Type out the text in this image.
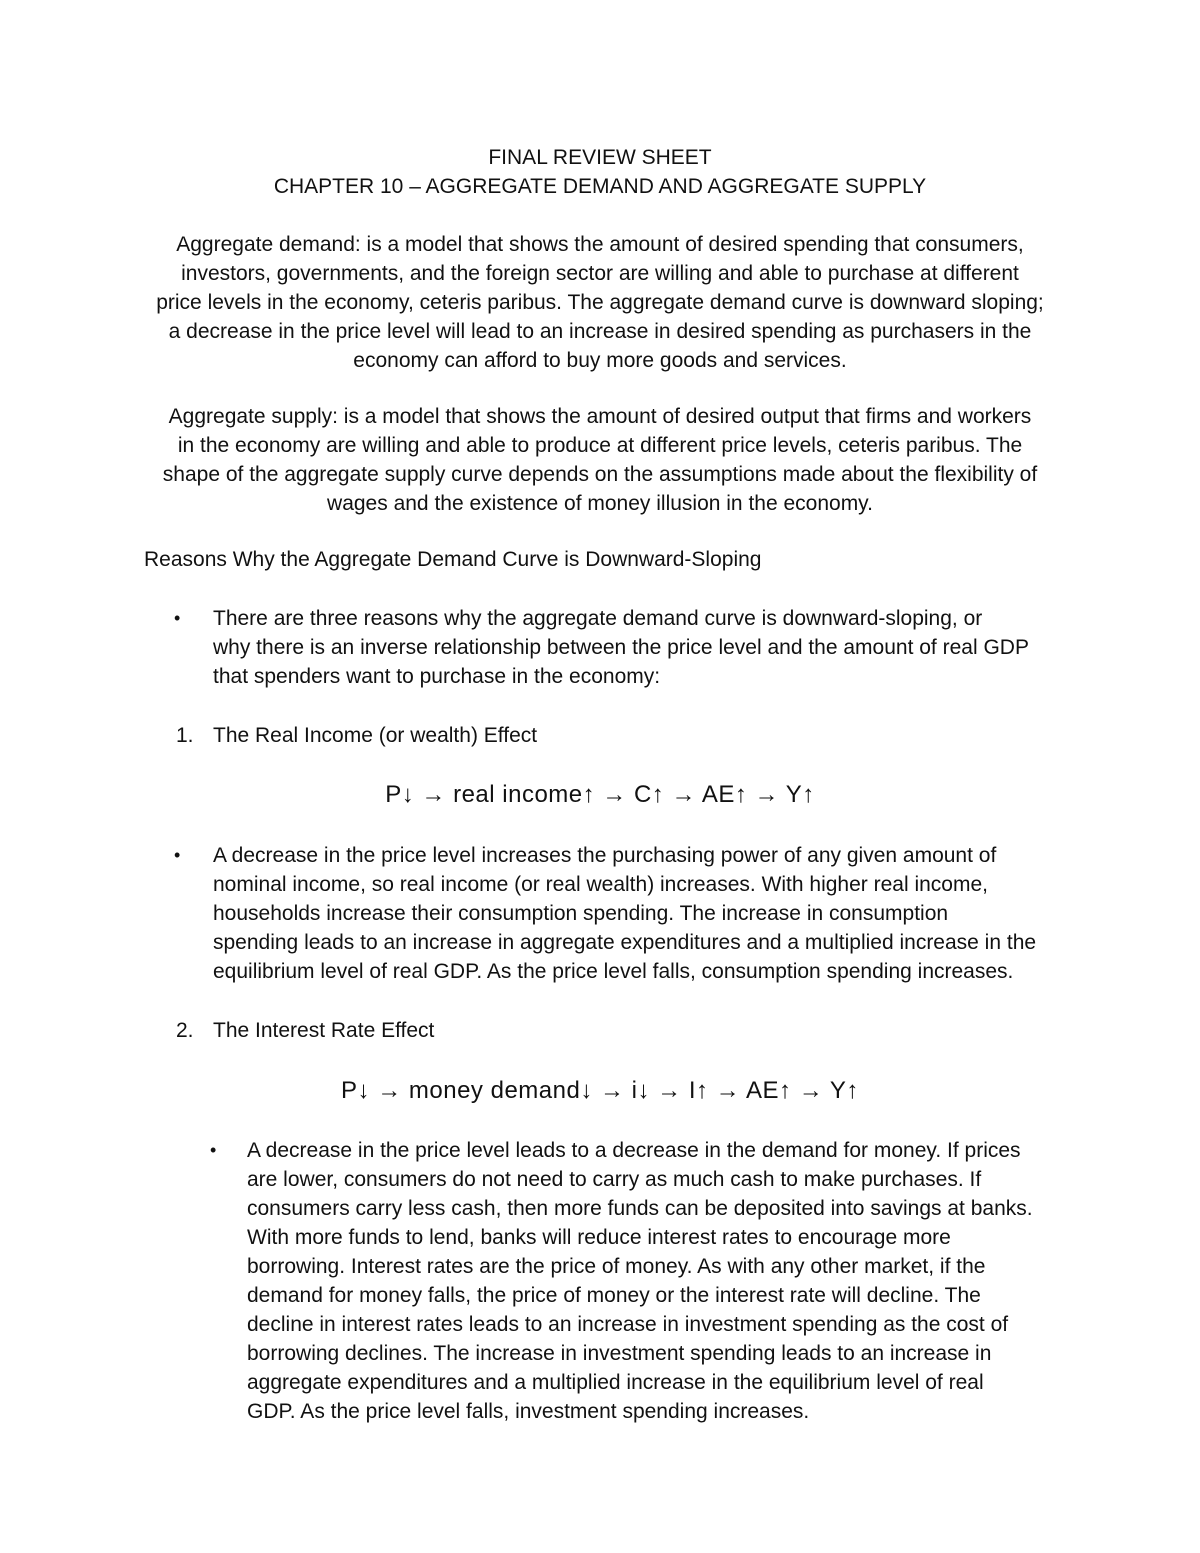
FINAL REVIEW SHEET
CHAPTER 10 – AGGREGATE DEMAND AND AGGREGATE SUPPLY
Aggregate demand: is a model that shows the amount of desired spending that consumers,
investors, governments, and the foreign sector are willing and able to purchase at different
price levels in the economy, ceteris paribus. The aggregate demand curve is downward sloping;
a decrease in the price level will lead to an increase in desired spending as purchasers in the
economy can afford to buy more goods and services.
Aggregate supply: is a model that shows the amount of desired output that firms and workers
in the economy are willing and able to produce at different price levels, ceteris paribus. The
shape of the aggregate supply curve depends on the assumptions made about the flexibility of
wages and the existence of money illusion in the economy.
Reasons Why the Aggregate Demand Curve is Downward-Sloping
•	There are three reasons why the aggregate demand curve is downward-sloping, or
why there is an inverse relationship between the price level and the amount of real GDP
that spenders want to purchase in the economy:
1. The Real Income (or wealth) Effect
P↓ → real income↑ → C↑ → AE↑ → Y↑
•	A decrease in the price level increases the purchasing power of any given amount of
nominal income, so real income (or real wealth) increases. With higher real income,
households increase their consumption spending. The increase in consumption
spending leads to an increase in aggregate expenditures and a multiplied increase in the
equilibrium level of real GDP. As the price level falls, consumption spending increases.
2. The Interest Rate Effect
P↓ → money demand↓ → i↓ → I↑ → AE↑ → Y↑
•	A decrease in the price level leads to a decrease in the demand for money. If prices
are lower, consumers do not need to carry as much cash to make purchases. If
consumers carry less cash, then more funds can be deposited into savings at banks.
With more funds to lend, banks will reduce interest rates to encourage more
borrowing. Interest rates are the price of money. As with any other market, if the
demand for money falls, the price of money or the interest rate will decline. The
decline in interest rates leads to an increase in investment spending as the cost of
borrowing declines. The increase in investment spending leads to an increase in
aggregate expenditures and a multiplied increase in the equilibrium level of real
GDP. As the price level falls, investment spending increases.
